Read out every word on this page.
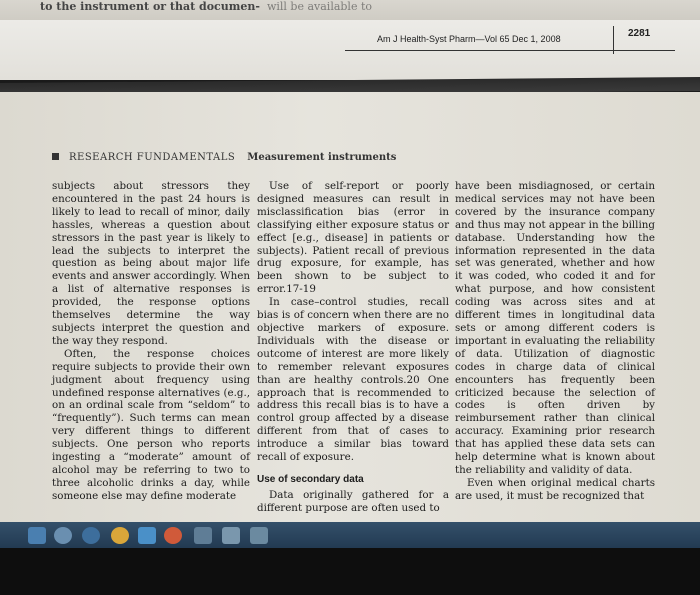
to the instrument or that documen- will be available to
Am J Health-Syst Pharm—Vol 65 Dec 1, 2008	2281
RESEARCH FUNDAMENTALS Measurement instruments

subjects about stressors they encountered in the past 24 hours is likely to lead to recall of minor, daily hassles, whereas a question about stressors in the past year is likely to lead the subjects to interpret the question as being about major life events and answer accordingly. When a list of alternative responses is provided, the response options themselves determine the way subjects interpret the question and the way they respond.

Often, the response choices require subjects to provide their own judgment about frequency using undefined response alternatives (e.g., on an ordinal scale from “seldom” to “frequently”). Such terms can mean very different things to different subjects. One person who reports ingesting a “moderate” amount of alcohol may be referring to two to three alcoholic drinks a day, while someone else may define moderate

Use of self-report or poorly designed measures can result in misclassification bias (error in classifying either exposure status or effect [e.g., disease] in patients or subjects). Patient recall of previous drug exposure, for example, has been shown to be subject to error.17-19

In case–control studies, recall bias is of concern when there are no objective markers of exposure. Individuals with the disease or outcome of interest are more likely to remember relevant exposures than are healthy controls.20 One approach that is recommended to address this recall bias is to have a control group affected by a disease different from that of cases to introduce a similar bias toward recall of exposure.

Use of secondary data

Data originally gathered for a different purpose are often used to

have been misdiagnosed, or certain medical services may not have been covered by the insurance company and thus may not appear in the billing database. Understanding how the information represented in the data set was generated, whether and how it was coded, who coded it and for what purpose, and how consistent coding was across sites and at different times in longitudinal data sets or among different coders is important in evaluating the reliability of data. Utilization of diagnostic codes in charge data of clinical encounters has frequently been criticized because the selection of codes is often driven by reimbursement rather than clinical accuracy. Examining prior research that has applied these data sets can help determine what is known about the reliability and validity of data.

Even when original medical charts are used, it must be recognized that
